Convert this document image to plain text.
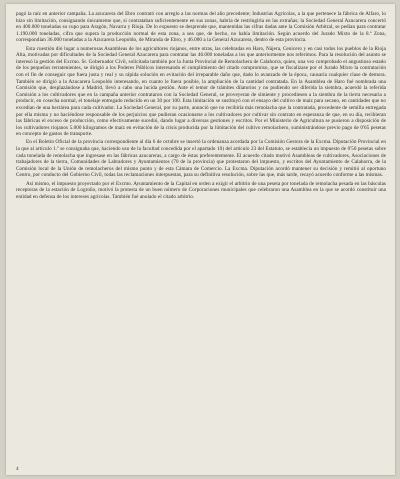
pagó la raíz en anterior campaña. La azucarera del Ebro contrató con arreglo a las normas del año precedente; Industrias Agrícolas, a la que pertenece la fábrica de Alfaro, lo hizo sin limitación, consignando únicamente que, si contrataban suficientemente en sus zonas, habría de restringirla en las extrañas; la Sociedad General Azucarera concertó en 400.000 toneladas su cupo para Aragón, Navarra y Rioja. De lo expuesto se desprende que, mantenidas las cifras dadas ante la Comisión Arbitral, se pedían para contratar 1.190.000 toneladas, cifra que supera la producción normal de esta zona, a sea que, de hecho, no había limitación. Según acuerdo del Jurado Mixto de la 8.ª Zona, correspondían 36.000 toneladas a la Azucarera Leopoldo, de Miranda de Ebro, y 46.000 a la General Azucarera, dentro de esta provincia.

Esta cuestión dió lugar a numerosas Asambleas de los agricultores riojanos, entre otras, las celebradas en Haro, Nájera, Cenicero y en casi todos los pueblos de la Rioja Alta, motivadas por dificultades de la Sociedad General Azucarera para contratar las 46.000 toneladas a los que anteriormente nos referimos. Para la resolución del asunto se interesó la gestión del Excmo. Sr. Gobernador Civil, solicitada también por la Junta Provincial de Remolachera de Calahorra, quien, una vez comprobado el angustioso estado de los pequeños terratenientes, se dirigió a los Poderes Públicos interesando el cumplimiento del citado compromiso, que se fiscalizase por el Jurado Mixto la contratación con el fin de conseguir que fuera justa y real y su rápida solución en evitación del irreparable daño que, dado lo avanzado de la época, causaría cualquier clase de demora. También se dirigió a la Azucarera Leopoldo interesando, en cuanto le fuera posible, la ampliación de la cantidad contratada. En la Asamblea de Haro fué nombrada una Comisión que, desplazándose a Madrid, llevó a cabo una lucida gestión. Ante el temor de trámites dilatorios y no pudiendo ser diferida la siembra, acuerdó la referida Comisión a los cultivadores que en la campaña anterior contrataron con la Sociedad General, se proveyeran de simiente y procediesen a la siembra de la tierra necesaria a producir, en cosecha normal, el tonelaje entregado reducido en un 30 por 100. Esta limitación se sustituyó con el ensayo del cultivo de maíz para secano, en cantidades que no excedían de una hectárea para cada cultivador. La Sociedad General, por su parte, anunció que no recibiría más remolacha que la contratada, procedente de semilla entregada por ella misma y no haciéndose responsable de los perjuicios que pudieran ocasionarse a los cultivadores por cultivar sin contrato en esperanza de que, en su día, recibieran las fábricas el exceso de producción, como efectivamente sucedió, dando lugar a diversas gestiones y escritos. Por el Ministerio de Agricultura se pusieron a disposición de los cultivadores riojanos 5.000 kilogramos de maíz en evitación de la crisis producida por la limitación del cultivo remolachero, suministrándose previo pago de 0'65 pesetas en concepto de gastos de transporte.

En el Boletín Oficial de la provincia correspondiente al día 6 de octubre se insertó la ordenanza acordada por la Comisión Gestora de la Excma. Diputación Provincial en la que al artículo 1.º se consignaba que, haciendo uso de la facultad concedida por el apartado 10) del artículo 23 del Estatuto, se establecía un impuesto de 0'50 pesetas sobre cada tonelada de remolacha que ingresase en las fábricas azucareras, a cargo de éstas preferentemente. El acuerdo citado motivó Asambleas de cultivadores, Asociaciones de trabajadores de la tierra, Comunidades de Labradores y Ayuntamientos (70 de la provincia) que protestaron del impuesto, y escritos del Ayuntamiento de Calahorra, de la Comisión local de la Unión de remolacheros del mismo punto y de esta Cámara de Comercio. La Excma. Diputación acordó mantener su decisión y remitió al oportuno Centro, por conducto del Gobierno Civil, todas las reclamaciones interpuestas, para su definitiva resolución, sobre las que, más tarde, recayó acuerdo conforme a las mismas.

Así mismo, el impuesto proyectado por el Excmo. Ayuntamiento de la Capital en orden a exigir el arbitrio de una peseta por tonelada de remolacha pesada en las básculas receptoras de la estación de Logroño, motivó la protesta de un buen número de Corporaciones municipales que celebraron una Asamblea en la que se acordó constituir una entidad en defensa de los intereses agrícolas. También fué anulado el citado arbitrio.

4
